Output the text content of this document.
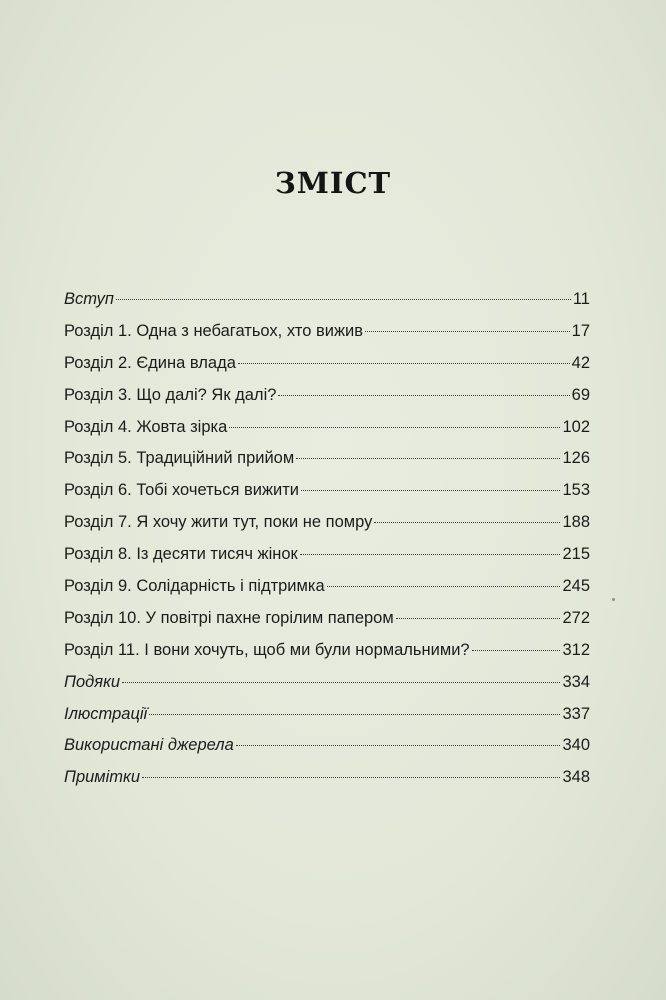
ЗМІСТ
Вступ	11
Розділ 1. Одна з небагатьох, хто вижив	17
Розділ 2. Єдина влада	42
Розділ 3. Що далі? Як далі?	69
Розділ 4. Жовта зірка	102
Розділ 5. Традиційний прийом	126
Розділ 6. Тобі хочеться вижити	153
Розділ 7. Я хочу жити тут, поки не помру	188
Розділ 8. Із десяти тисяч жінок	215
Розділ 9. Солідарність і підтримка	245
Розділ 10. У повітрі пахне горілим папером	272
Розділ 11. І вони хочуть, щоб ми були нормальними?	312
Подяки	334
Ілюстрації	337
Використані джерела	340
Примітки	348
